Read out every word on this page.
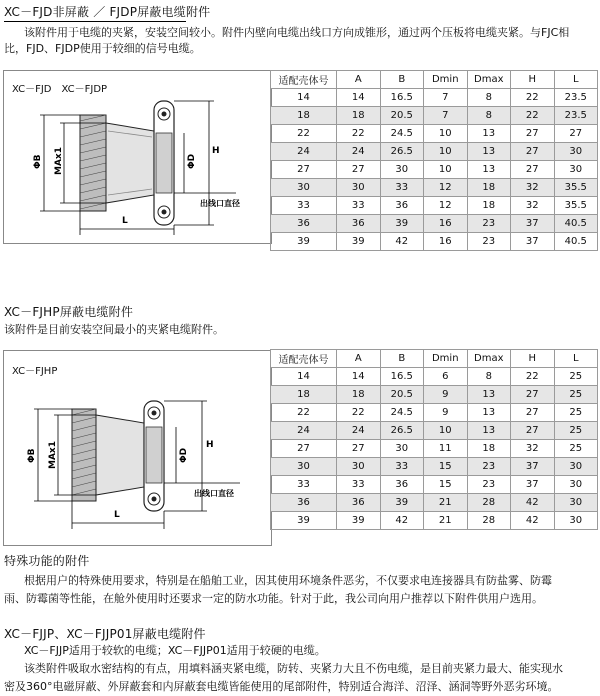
XC－FJD非屏蔽 ／ FJDP屏蔽电缆附件
该附件用于电缆的夹紧，安装空间较小。附件内壁向电缆出线口方向成锥形，通过两个压板将电缆夹紧。与FJC相
比，FJD、FJDP使用于较细的信号电缆。
XC－FJD　XC－FJDP
ΦB MAx1	ΦD
H
L
出线口直径
适配壳体号	A	B	Dmin	Dmax	H	L
14	14	16.5	7	8	22	23.5
18	18	20.5	7	8	22	23.5
22	22	24.5	10	13	27	27
24	24	26.5	10	13	27	30
27	27	30	10	13	27	30
30	30	33	12	18	32	35.5
33	33	36	12	18	32	35.5
36	36	39	16	23	37	40.5
39	39	42	16	23	37	40.5
XC－FJHP屏蔽电缆附件
该附件是目前安装空间最小的夹紧电缆附件。
XC－FJHP
ΦB MAx1	ΦD
H
L
出线口直径
适配壳体号	A	B	Dmin	Dmax	H	L
14	14	16.5	6	8	22	25
18	18	20.5	9	13	27	25
22	22	24.5	9	13	27	25
24	24	26.5	10	13	27	25
27	27	30	11	18	32	25
30	30	33	15	23	37	30
33	33	36	15	23	37	30
36	36	39	21	28	42	30
39	39	42	21	28	42	30
特殊功能的附件
根据用户的特殊使用要求，特别是在船舶工业，因其使用环境条件恶劣，不仅要求电连接器具有防盐雾、防霉
雨、防霉菌等性能，在舱外使用时还要求一定的防水功能。针对于此，我公司向用户推荐以下附件供用户选用。
XC－FJJP、XC－FJJP01屏蔽电缆附件
XC－FJJP适用于较软的电缆；XC－FJJP01适用于较硬的电缆。
该类附件吸取水密结构的有点，用填料涵夹紧电缆，防转、夹紧力大且不伤电缆，是目前夹紧力最大、能实现水
密及360°电磁屏蔽、外屏蔽套和内屏蔽套电缆皆能使用的尾部附件，特别适合海洋、沼泽、涵洞等野外恶劣环境。
